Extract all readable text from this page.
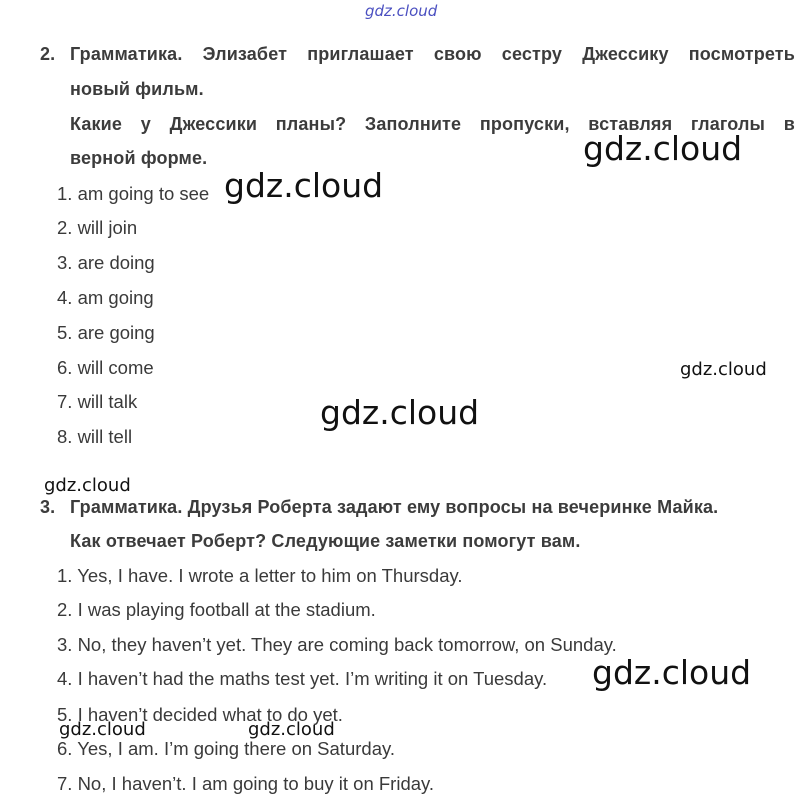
2. Грамматика. Элизабет приглашает свою сестру Джессику посмотреть
новый фильм.
Какие у Джессики планы? Заполните пропуски, вставляя глаголы в
верной форме.
1. am going to see
2. will join
3. are doing
4. am going
5. are going
6. will come
7. will talk
8. will tell
3. Грамматика. Друзья Роберта задают ему вопросы на вечеринке Майка.
Как отвечает Роберт? Следующие заметки помогут вам.
1. Yes, I have. I wrote a letter to him on Thursday.
2. I was playing football at the stadium.
3. No, they haven’t yet. They are coming back tomorrow, on Sunday.
4. I haven’t had the maths test yet. I’m writing it on Tuesday.
5. I haven’t decided what to do yet.
6. Yes, I am. I’m going there on Saturday.
7. No, I haven’t. I am going to buy it on Friday.
gdz.cloud
gdz.cloud
gdz.cloud
gdz.cloud
gdz.cloud
gdz.cloud
gdz.cloud
gdz.cloud	gdz.cloud
